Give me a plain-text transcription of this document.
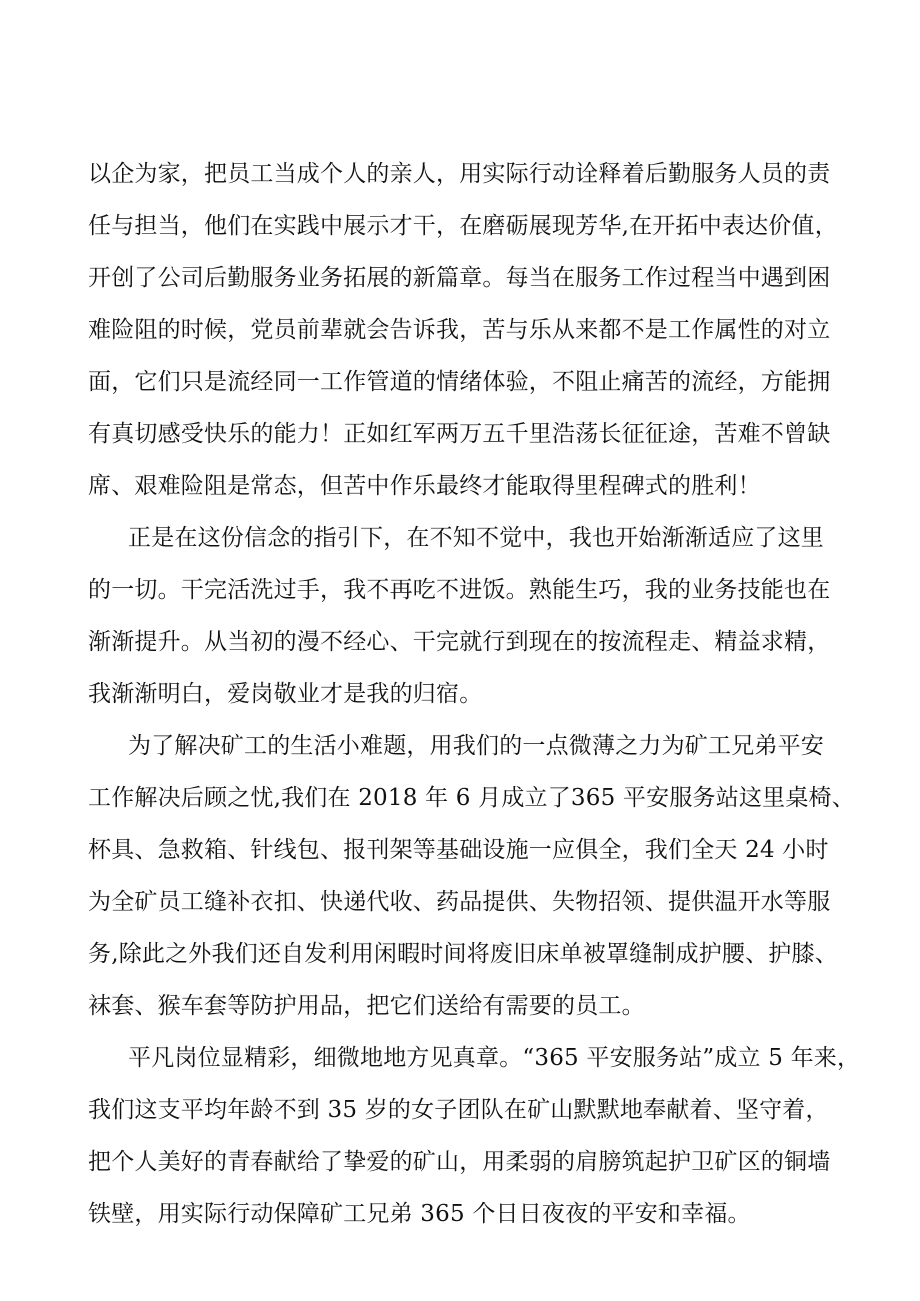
以企为家，把员工当成个人的亲人，用实际行动诠释着后勤服务人员的责
任与担当，他们在实践中展示才干，在磨砺展现芳华,在开拓中表达价值，
开创了公司后勤服务业务拓展的新篇章。每当在服务工作过程当中遇到困
难险阻的时候，党员前辈就会告诉我，苦与乐从来都不是工作属性的对立
面，它们只是流经同一工作管道的情绪体验，不阻止痛苦的流经，方能拥
有真切感受快乐的能力！正如红军两万五千里浩荡长征征途，苦难不曾缺
席、艰难险阻是常态，但苦中作乐最终才能取得里程碑式的胜利！
正是在这份信念的指引下，在不知不觉中，我也开始渐渐适应了这里
的一切。干完活洗过手，我不再吃不进饭。熟能生巧，我的业务技能也在
渐渐提升。从当初的漫不经心、干完就行到现在的按流程走、精益求精，
我渐渐明白，爱岗敬业才是我的归宿。
为了解决矿工的生活小难题，用我们的一点微薄之力为矿工兄弟平安
工作解决后顾之忧,我们在 2018 年 6 月成立了365 平安服务站这里桌椅、
杯具、急救箱、针线包、报刊架等基础设施一应俱全，我们全天 24 小时
为全矿员工缝补衣扣、快递代收、药品提供、失物招领、提供温开水等服
务,除此之外我们还自发利用闲暇时间将废旧床单被罩缝制成护腰、护膝、
袜套、猴车套等防护用品，把它们送给有需要的员工。
平凡岗位显精彩，细微地地方见真章。“365 平安服务站”成立 5 年来，
我们这支平均年龄不到 35 岁的女子团队在矿山默默地奉献着、坚守着，
把个人美好的青春献给了挚爱的矿山，用柔弱的肩膀筑起护卫矿区的铜墙
铁壁，用实际行动保障矿工兄弟 365 个日日夜夜的平安和幸福。
